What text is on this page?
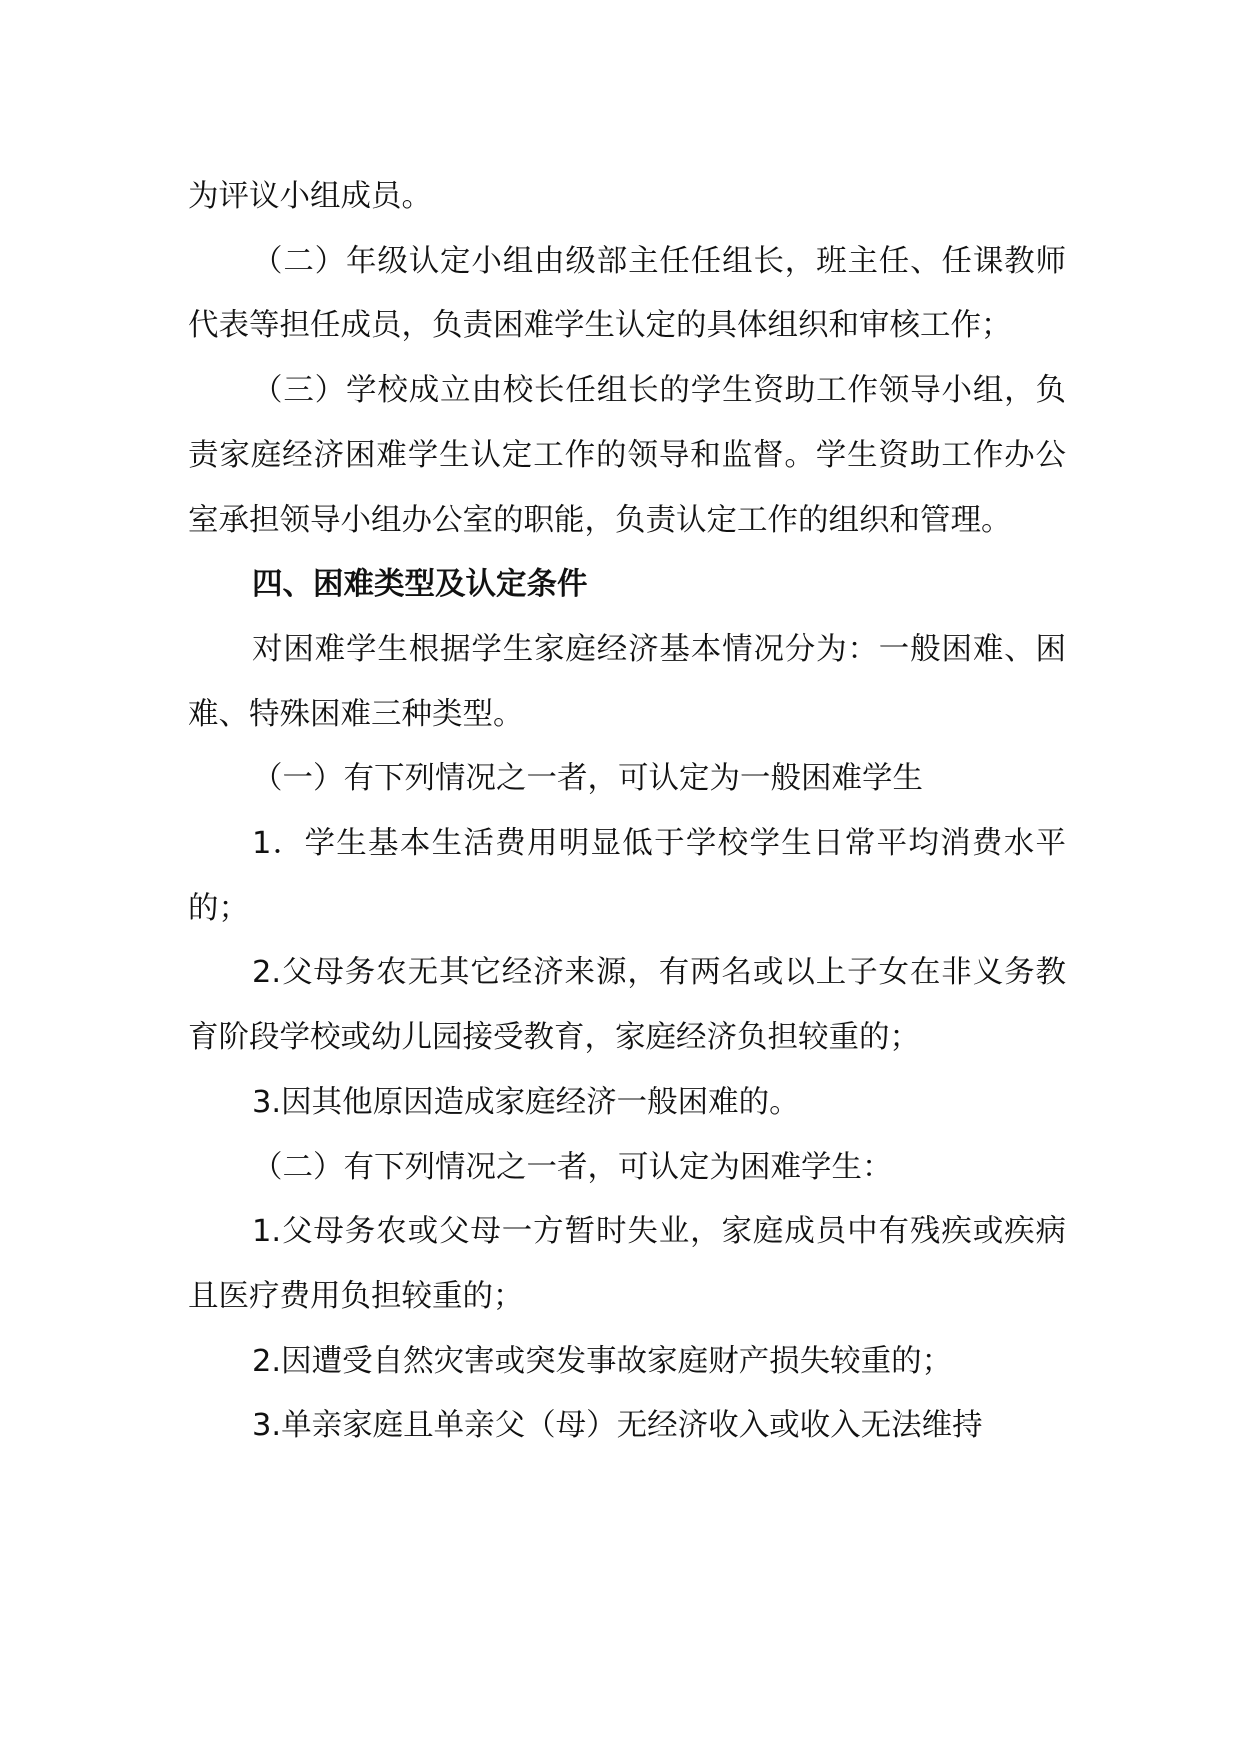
为评议小组成员。

（二）年级认定小组由级部主任任组长，班主任、任课教师代表等担任成员，负责困难学生认定的具体组织和审核工作；

（三）学校成立由校长任组长的学生资助工作领导小组，负责家庭经济困难学生认定工作的领导和监督。学生资助工作办公室承担领导小组办公室的职能，负责认定工作的组织和管理。

四、困难类型及认定条件

对困难学生根据学生家庭经济基本情况分为：一般困难、困难、特殊困难三种类型。

（一）有下列情况之一者，可认定为一般困难学生

1．学生基本生活费用明显低于学校学生日常平均消费水平的；

2.父母务农无其它经济来源，有两名或以上子女在非义务教育阶段学校或幼儿园接受教育，家庭经济负担较重的；

3.因其他原因造成家庭经济一般困难的。

（二）有下列情况之一者，可认定为困难学生：

1.父母务农或父母一方暂时失业，家庭成员中有残疾或疾病且医疗费用负担较重的；

2.因遭受自然灾害或突发事故家庭财产损失较重的；

3.单亲家庭且单亲父（母）无经济收入或收入无法维持
